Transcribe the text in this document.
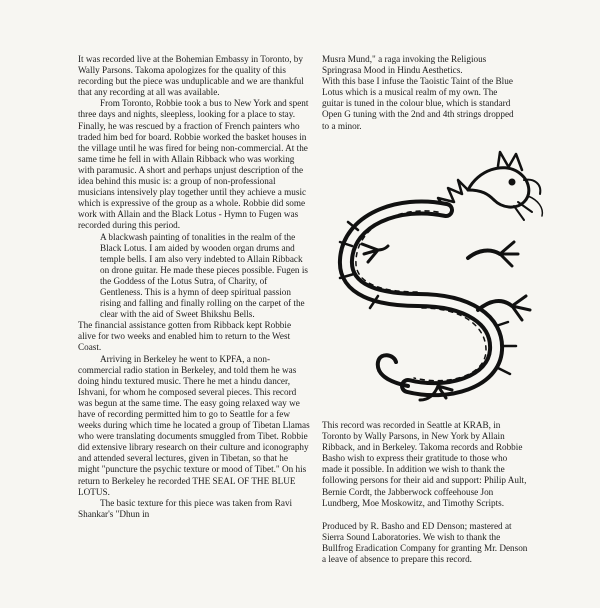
It was recorded live at the Bohemian Embassy in Toronto, by Wally Parsons. Takoma apologizes for the quality of this recording but the piece was unduplicable and we are thankful that any recording at all was available.

From Toronto, Robbie took a bus to New York and spent three days and nights, sleepless, looking for a place to stay. Finally, he was rescued by a fraction of French painters who traded him bed for board. Robbie worked the basket houses in the village until he was fired for being non-commercial. At the same time he fell in with Allain Ribback who was working with paramusic. A short and perhaps unjust description of the idea behind this music is: a group of non-professional musicians intensively play together until they achieve a music which is expressive of the group as a whole. Robbie did some work with Allain and the Black Lotus - Hymn to Fugen was recorded during this period.

A blackwash painting of tonalities in the realm of the Black Lotus. I am aided by wooden organ drums and temple bells. I am also very indebted to Allain Ribback on drone guitar. He made these pieces possible. Fugen is the Goddess of the Lotus Sutra, of Charity, of Gentleness. This is a hymn of deep spiritual passion rising and falling and finally rolling on the carpet of the clear with the aid of Sweet Bhikshu Bells.

The financial assistance gotten from Ribback kept Robbie alive for two weeks and enabled him to return to the West Coast.

Arriving in Berkeley he went to KPFA, a non-commercial radio station in Berkeley, and told them he was doing hindu textured music. There he met a hindu dancer, Ishvani, for whom he composed several pieces. This record was begun at the same time. The easy going relaxed way we have of recording permitted him to go to Seattle for a few weeks during which time he located a group of Tibetan Llamas who were translating documents smuggled from Tibet. Robbie did extensive library research on their culture and iconography and attended several lectures, given in Tibetan, so that he might "puncture the psychic texture or mood of Tibet." On his return to Berkeley he recorded THE SEAL OF THE BLUE LOTUS.

The basic texture for this piece was taken from Ravi Shankar's "Dhun in

Musra Mund," a raga invoking the Religious Springrasa Mood in Hindu Aesthetics.

With this base I infuse the Taoistic Taint of the Blue Lotus which is a musical realm of my own. The guitar is tuned in the colour blue, which is standard Open G tuning with the 2nd and 4th strings dropped to a minor.

This record was recorded in Seattle at KRAB, in Toronto by Wally Parsons, in New York by Allain Ribback, and in Berkeley. Takoma records and Robbie Basho wish to express their gratitude to those who made it possible. In addition we wish to thank the following persons for their aid and support: Philip Ault, Bernie Cordt, the Jabberwock coffeehouse Jon Lundberg, Moe Moskowitz, and Timothy Scripts.

Produced by R. Basho and ED Denson; mastered at Sierra Sound Laboratories. We wish to thank the Bullfrog Eradication Company for granting Mr. Denson a leave of absence to prepare this record.
